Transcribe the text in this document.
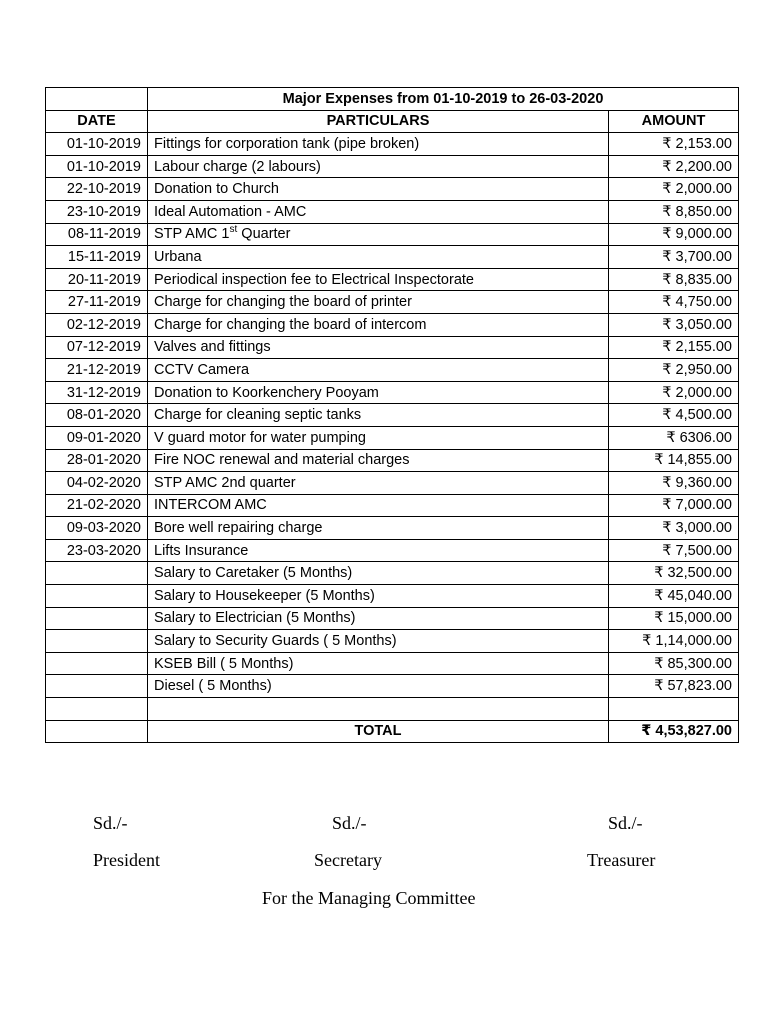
	Major Expenses from 01-10-2019 to 26-03-2020	
DATE	PARTICULARS	AMOUNT
01-10-2019	Fittings for corporation tank (pipe broken)	₹ 2,153.00
01-10-2019	Labour charge (2 labours)	₹ 2,200.00
22-10-2019	Donation to Church	₹ 2,000.00
23-10-2019	Ideal Automation - AMC	₹ 8,850.00
08-11-2019	STP AMC 1st Quarter	₹ 9,000.00
15-11-2019	Urbana	₹ 3,700.00
20-11-2019	Periodical inspection fee to Electrical Inspectorate	₹ 8,835.00
27-11-2019	Charge for changing the board of printer	₹ 4,750.00
02-12-2019	Charge for changing the board of intercom	₹ 3,050.00
07-12-2019	Valves and fittings	₹ 2,155.00
21-12-2019	CCTV Camera	₹ 2,950.00
31-12-2019	Donation to Koorkenchery Pooyam	₹ 2,000.00
08-01-2020	Charge for cleaning septic tanks	₹ 4,500.00
09-01-2020	V guard motor for water pumping	₹ 6306.00
28-01-2020	Fire NOC renewal and material charges	₹ 14,855.00
04-02-2020	STP AMC 2nd quarter	₹ 9,360.00
21-02-2020	INTERCOM AMC	₹ 7,000.00
09-03-2020	Bore well repairing charge	₹ 3,000.00
23-03-2020	Lifts Insurance	₹ 7,500.00
	Salary to Caretaker (5 Months)	₹ 32,500.00
	Salary to Housekeeper (5 Months)	₹ 45,040.00
	Salary to Electrician (5 Months)	₹ 15,000.00
	Salary to Security Guards ( 5 Months)	₹ 1,14,000.00
	KSEB Bill ( 5 Months)	₹ 85,300.00
	Diesel ( 5 Months)	₹ 57,823.00

	TOTAL	₹ 4,53,827.00
Sd./-	Sd./-	Sd./-
President	Secretary	Treasurer
For the Managing Committee
